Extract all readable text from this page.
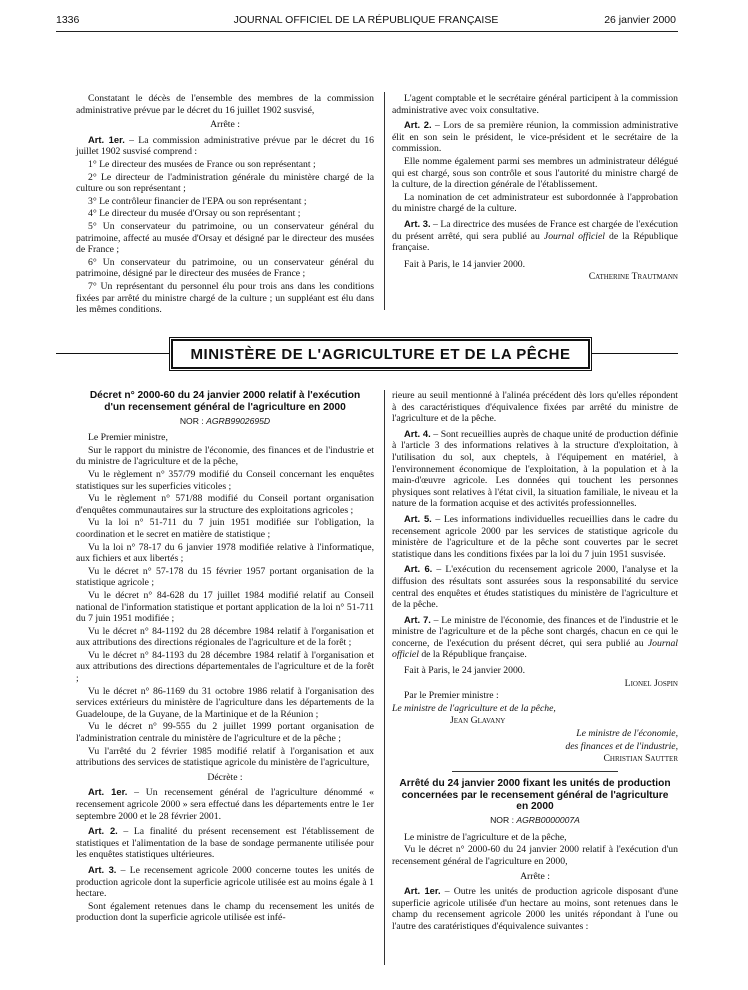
1336	JOURNAL OFFICIEL DE LA RÉPUBLIQUE FRANÇAISE	26 janvier 2000

Constatant le décès de l'ensemble des membres de la commission administrative prévue par le décret du 16 juillet 1902 susvisé,

Arrête :

Art. 1er. – La commission administrative prévue par le décret du 16 juillet 1902 susvisé comprend :

1° Le directeur des musées de France ou son représentant ;

2° Le directeur de l'administration générale du ministère chargé de la culture ou son représentant ;

3° Le contrôleur financier de l'EPA ou son représentant ;

4° Le directeur du musée d'Orsay ou son représentant ;

5° Un conservateur du patrimoine, ou un conservateur général du patrimoine, affecté au musée d'Orsay et désigné par le directeur des musées de France ;

6° Un conservateur du patrimoine, ou un conservateur général du patrimoine, désigné par le directeur des musées de France ;

7° Un représentant du personnel élu pour trois ans dans les conditions fixées par arrêté du ministre chargé de la culture ; un suppléant est élu dans les mêmes conditions.

L'agent comptable et le secrétaire général participent à la commission administrative avec voix consultative.

Art. 2. – Lors de sa première réunion, la commission administrative élit en son sein le président, le vice-président et le secrétaire de la commission.

Elle nomme également parmi ses membres un administrateur délégué qui est chargé, sous son contrôle et sous l'autorité du ministre chargé de la culture, de la direction générale de l'établissement.

La nomination de cet administrateur est subordonnée à l'approbation du ministre chargé de la culture.

Art. 3. – La directrice des musées de France est chargée de l'exécution du présent arrêté, qui sera publié au Journal officiel de la République française.

Fait à Paris, le 14 janvier 2000.

Catherine Trautmann

MINISTÈRE DE L'AGRICULTURE ET DE LA PÊCHE
Décret n° 2000-60 du 24 janvier 2000 relatif à l'exécution d'un recensement général de l'agriculture en 2000
NOR : AGRB9902695D

Le Premier ministre,

Sur le rapport du ministre de l'économie, des finances et de l'industrie et du ministre de l'agriculture et de la pêche,

Vu le règlement n° 357/79 modifié du Conseil concernant les enquêtes statistiques sur les superficies viticoles ;

Vu le règlement n° 571/88 modifié du Conseil portant organisation d'enquêtes communautaires sur la structure des exploitations agricoles ;

Vu la loi n° 51-711 du 7 juin 1951 modifiée sur l'obligation, la coordination et le secret en matière de statistique ;

Vu la loi n° 78-17 du 6 janvier 1978 modifiée relative à l'informatique, aux fichiers et aux libertés ;

Vu le décret n° 57-178 du 15 février 1957 portant organisation de la statistique agricole ;

Vu le décret n° 84-628 du 17 juillet 1984 modifié relatif au Conseil national de l'information statistique et portant application de la loi n° 51-711 du 7 juin 1951 modifiée ;

Vu le décret n° 84-1192 du 28 décembre 1984 relatif à l'organisation et aux attributions des directions régionales de l'agriculture et de la forêt ;

Vu le décret n° 84-1193 du 28 décembre 1984 relatif à l'organisation et aux attributions des directions départementales de l'agriculture et de la forêt ;

Vu le décret n° 86-1169 du 31 octobre 1986 relatif à l'organisation des services extérieurs du ministère de l'agriculture dans les départements de la Guadeloupe, de la Guyane, de la Martinique et de la Réunion ;

Vu le décret n° 99-555 du 2 juillet 1999 portant organisation de l'administration centrale du ministère de l'agriculture et de la pêche ;

Vu l'arrêté du 2 février 1985 modifié relatif à l'organisation et aux attributions des services de statistique agricole du ministère de l'agriculture,

Décrète :

Art. 1er. – Un recensement général de l'agriculture dénommé « recensement agricole 2000 » sera effectué dans les départements entre le 1er septembre 2000 et le 28 février 2001.

Art. 2. – La finalité du présent recensement est l'établissement de statistiques et l'alimentation de la base de sondage permanente utilisée pour les enquêtes statistiques ultérieures.

Art. 3. – Le recensement agricole 2000 concerne toutes les unités de production agricole dont la superficie agricole utilisée est au moins égale à 1 hectare.

Sont également retenues dans le champ du recensement les unités de production dont la superficie agricole utilisée est infé-

rieure au seuil mentionné à l'alinéa précédent dès lors qu'elles répondent à des caractéristiques d'équivalence fixées par arrêté du ministre de l'agriculture et de la pêche.

Art. 4. – Sont recueillies auprès de chaque unité de production définie à l'article 3 des informations relatives à la structure d'exploitation, à l'utilisation du sol, aux cheptels, à l'équipement en matériel, à l'environnement économique de l'exploitation, à la population et à la main-d'œuvre agricole. Les données qui touchent les personnes physiques sont relatives à l'état civil, la situation familiale, le niveau et la nature de la formation acquise et des activités professionnelles.

Art. 5. – Les informations individuelles recueillies dans le cadre du recensement agricole 2000 par les services de statistique agricole du ministère de l'agriculture et de la pêche sont couvertes par le secret statistique dans les conditions fixées par la loi du 7 juin 1951 susvisée.

Art. 6. – L'exécution du recensement agricole 2000, l'analyse et la diffusion des résultats sont assurées sous la responsabilité du service central des enquêtes et études statistiques du ministère de l'agriculture et de la pêche.

Art. 7. – Le ministre de l'économie, des finances et de l'industrie et le ministre de l'agriculture et de la pêche sont chargés, chacun en ce qui le concerne, de l'exécution du présent décret, qui sera publié au Journal officiel de la République française.

Fait à Paris, le 24 janvier 2000.

Lionel Jospin

Par le Premier ministre :

Le ministre de l'agriculture et de la pêche,

Jean Glavany

Le ministre de l'économie,

des finances et de l'industrie,

Christian Sautter

Arrêté du 24 janvier 2000 fixant les unités de production concernées par le recensement général de l'agriculture en 2000
NOR : AGRB0000007A

Le ministre de l'agriculture et de la pêche,

Vu le décret n° 2000-60 du 24 janvier 2000 relatif à l'exécution d'un recensement général de l'agriculture en 2000,

Arrête :

Art. 1er. – Outre les unités de production agricole disposant d'une superficie agricole utilisée d'un hectare au moins, sont retenues dans le champ du recensement agricole 2000 les unités répondant à l'une ou l'autre des caratéristiques d'équivalence suivantes :
